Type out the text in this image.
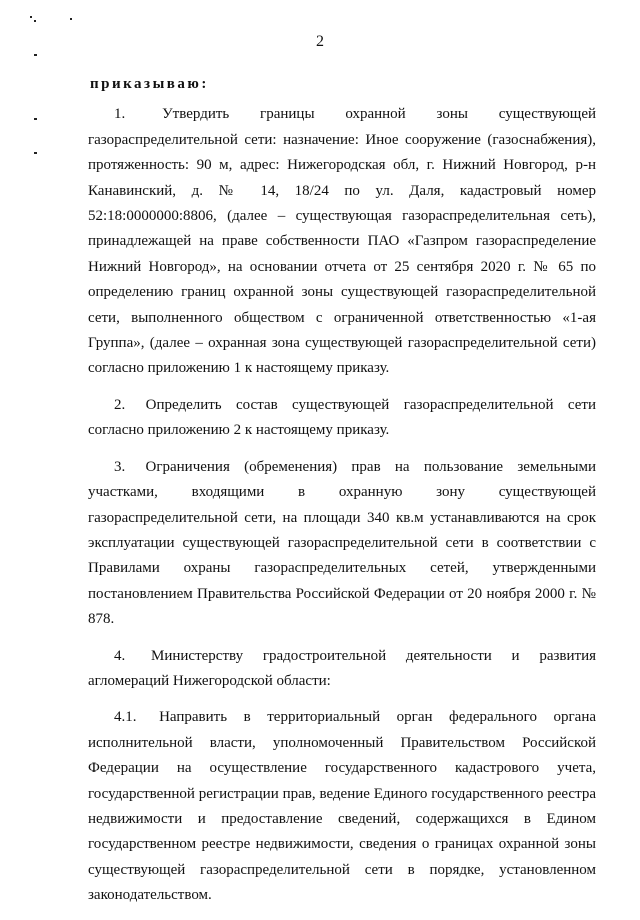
2
приказываю:

1. Утвердить границы охранной зоны существующей газораспределительной сети: назначение: Иное сооружение (газоснабжения), протяженность: 90 м, адрес: Нижегородская обл, г. Нижний Новгород, р-н Канавинский, д. № 14, 18/24 по ул. Даля, кадастровый номер 52:18:0000000:8806, (далее – существующая газораспределительная сеть), принадлежащей на праве собственности ПАО «Газпром газораспределение Нижний Новгород», на основании отчета от 25 сентября 2020 г. № 65 по определению границ охранной зоны существующей газораспределительной сети, выполненного обществом с ограниченной ответственностью «1-ая Группа», (далее – охранная зона существующей газораспределительной сети) согласно приложению 1 к настоящему приказу.

2. Определить состав существующей газораспределительной сети согласно приложению 2 к настоящему приказу.

3. Ограничения (обременения) прав на пользование земельными участками, входящими в охранную зону существующей газораспределительной сети, на площади 340 кв.м устанавливаются на срок эксплуатации существующей газораспределительной сети в соответствии с Правилами охраны газораспределительных сетей, утвержденными постановлением Правительства Российской Федерации от 20 ноября 2000 г. № 878.

4. Министерству градостроительной деятельности и развития агломераций Нижегородской области:

4.1. Направить в территориальный орган федерального органа исполнительной власти, уполномоченный Правительством Российской Федерации на осуществление государственного кадастрового учета, государственной регистрации прав, ведение Единого государственного реестра недвижимости и предоставление сведений, содержащихся в Едином государственном реестре недвижимости, сведения о границах охранной зоны существующей газораспределительной сети в порядке, установленном законодательством.
